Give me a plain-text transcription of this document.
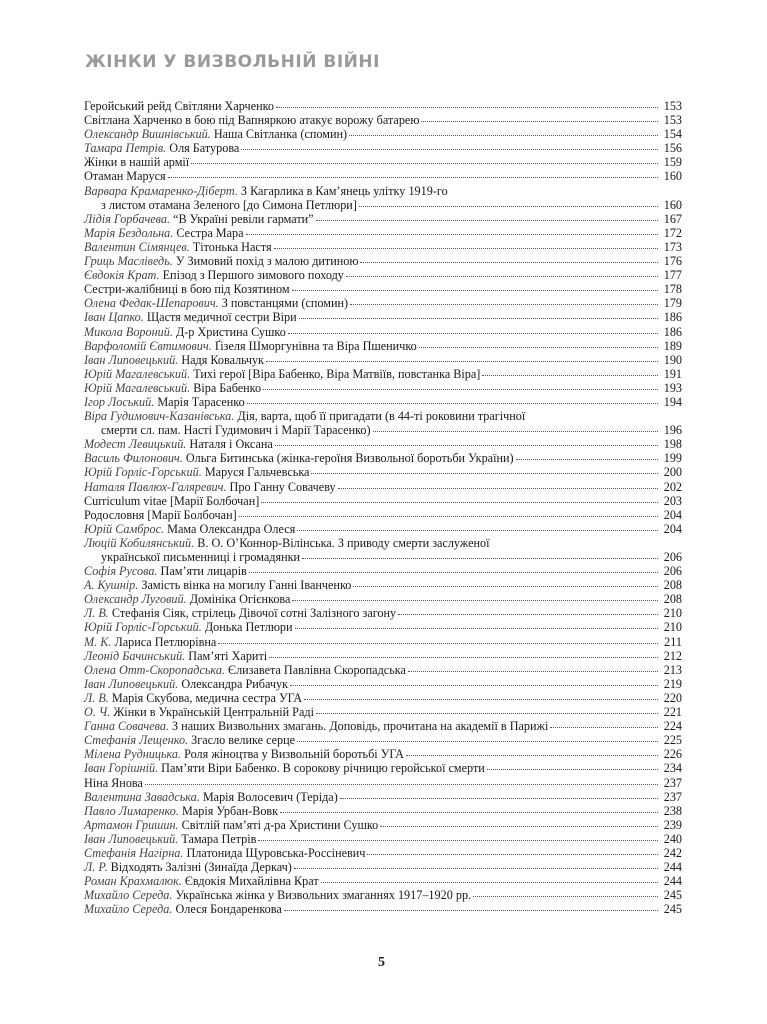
ЖІНКИ У ВИЗВОЛЬНІЙ ВІЙНІ
Геройський рейд Світляни Харченко	153
Світлана Харченко в бою під Вапняркою атакує ворожу батарею	153
Олександр Вишнівський. Наша Світланка (спомин)	154
Тамара Петрів. Оля Батурова	156
Жінки в нашій армії	159
Отаман Маруся	160
Варвара Крамаренко-Діберт. З Кагарлика в Кам’янець улітку 1919-го
з листом отамана Зеленого [до Симона Петлюри]	160
Лідія Горбачева. “В Україні ревіли гармати”	167
Марія Бездольна. Сестра Мара	172
Валентин Сімянцев. Тітонька Настя	173
Гриць Масліведь. У Зимовий похід з малою дитиною	176
Євдокія Крат. Епізод з Першого зимового походу	177
Сестри-жалібниці в бою під Козятином	178
Олена Федак-Шепарович. З повстанцями (спомин)	179
Іван Цапко. Щастя медичної сестри Віри	186
Микола Вороний. Д-р Христина Сушко	186
Варфоломій Євтимович. Ґізеля Шморгунівна та Віра Пшеничко	189
Іван Липовецький. Надя Ковальчук	190
Юрій Магалевський. Тихі герої [Віра Бабенко, Віра Матвіїв, повстанка Віра]	191
Юрій Магалевський. Віра Бабенко	193
Ігор Лоський. Марія Тарасенко	194
Віра Гудимович-Казанівська. Дія, варта, щоб її пригадати (в 44-ті роковини трагічної
смерти сл. пам. Насті Гудимович і Марії Тарасенко)	196
Модест Левицький. Наталя і Оксана	198
Василь Филонович. Ольга Битинська (жінка-героїня Визвольної боротьби України)	199
Юрій Горліс-Горський. Маруся Гальчевська	200
Наталя Павлюх-Галяревич. Про Ганну Совачеву	202
Curriculum vitae [Марії Болбочан]	203
Родословня [Марії Болбочан]	204
Юрій Самброс. Мама Олександра Олеся	204
Люцій Кобилянський. В. О. О’Коннор-Вілінська. З приводу смерти заслуженої
української письменниці і громадянки	206
Софія Русова. Пам’яти лицарів	206
А. Кушнір. Замість вінка на могилу Ганні Іванченко	208
Олександр Луговий. Домініка Огієнкова	208
Л. В. Стефанія Сіяк, стрілець Дівочої сотні Залізного загону	210
Юрій Горліс-Горський. Донька Петлюри	210
М. К. Лариса Петлюрівна	211
Леонід Бачинський. Пам’яті Хариті	212
Олена Отт-Скоропадська. Єлизавета Павлівна Скоропадська	213
Іван Липовецький. Олександра Рибачук	219
Л. В. Марія Скубова, медична сестра УГА	220
О. Ч. Жінки в Українській Центральній Раді	221
Ганна Совачева. З наших Визвольних змагань. Доповідь, прочитана на академії в Парижі	224
Стефанія Лещенко. Згасло велике серце	225
Мілена Рудницька. Роля жіноцтва у Визвольній боротьбі УГА	226
Іван Горішній. Пам’яти Віри Бабенко. В сорокову річницю геройської смерти	234
Ніна Янова	237
Валентина Завадська. Марія Волосевич (Теріда)	237
Павло Лимаренко. Марія Урбан-Вовк	238
Артамон Гришин. Світлій пам’яті д-ра Христини Сушко	239
Іван Липовецький. Тамара Петрів	240
Стефанія Нагірна. Платонида Щуровська-Россіневич	242
Л. Р. Відходять Залізні (Зинаїда Деркач)	244
Роман Крахмалюк. Євдокія Михайлівна Крат	244
Михайло Середа. Українська жінка у Визвольних змаганнях 1917–1920 рр.	245
Михайло Середа. Олеся Бондаренкова	245
5
